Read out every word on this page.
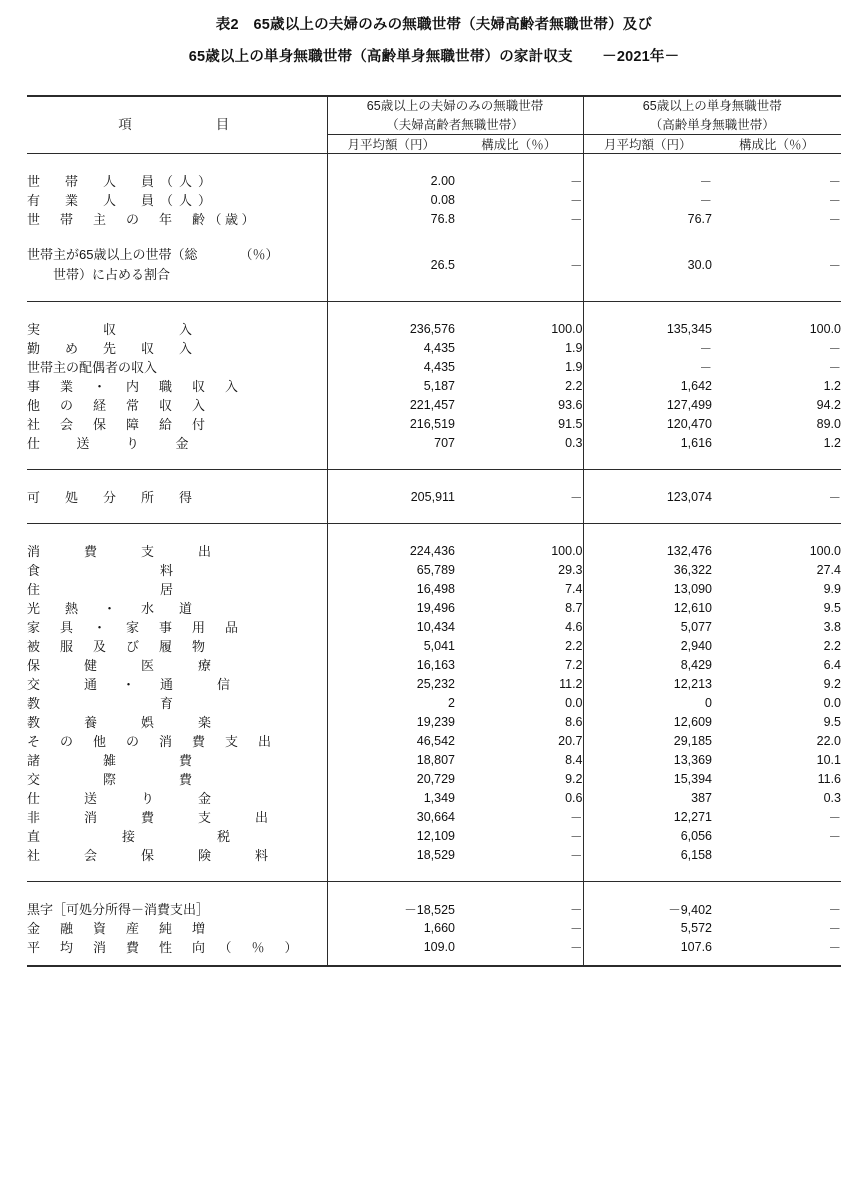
表2　65歳以上の夫婦のみの無職世帯（夫婦高齢者無職世帯）及び
65歳以上の単身無職世帯（高齢単身無職世帯）の家計収支　　－2021年－
項　　　　目	
65歳以上の夫婦のみの無職世帯
（夫婦高齢者無職世帯）

65歳以上の単身無職世帯
（高齢単身無職世帯）

	月平均額（円）	構成比（％）	月平均額（円）	構成比（％）

世　帯　人　員（人）	2.00	－	－	－
有　業　人　員（人）	0.08	－	－	－
世　帯　主　の　年　齢（歳）	76.8	－	76.7	－

世帯主が65歳以上の世帯（総 （％）
世帯）に占める割合	26.5	－	30.0	－

実　　　収　　　入	236,576	100.0	135,345	100.0
勤　め　先　収　入	4,435	1.9	－	－
世帯主の配偶者の収入	4,435	1.9	－	－
事　業　・　内　職　収　入	5,187	2.2	1,642	1.2
他　の　経　常　収　入	221,457	93.6	127,499	94.2
社　会　保　障　給　付	216,519	91.5	120,470	89.0
仕　　送　　り　　金	707	0.3	1,616	1.2

可　処　分　所　得	205,911	－	123,074	－

消　　費　　支　　出	224,436	100.0	132,476	100.0
食　　　　　　料	65,789	29.3	36,322	27.4
住　　　　　　居	16,498	7.4	13,090	9.9
光　熱　・　水　道	19,496	8.7	12,610	9.5
家　具　・　家　事　用　品	10,434	4.6	5,077	3.8
被　服　及　び　履　物	5,041	2.2	2,940	2.2
保　　健　　医　　療	16,163	7.2	8,429	6.4
交　　通　・　通　　信	25,232	11.2	12,213	9.2
教　　　　　　育	2	0.0	0	0.0
教　　養　　娯　　楽	19,239	8.6	12,609	9.5
そ　の　他　の　消　費　支　出	46,542	20.7	29,185	22.0
諸　　　雑　　　費	18,807	8.4	13,369	10.1
交　　　際　　　費	20,729	9.2	15,394	11.6
仕　　送　　り　　金	1,349	0.6	387	0.3
非　　消　　費　　支　　出	30,664	－	12,271	－
直　　　　接　　　　税	12,109	－	6,056	－
社　　会　　保　　険　　料	18,529	－	6,158	

黒字［可処分所得－消費支出］	－18,525	－	－9,402	－
金　融　資　産　純　増	1,660	－	5,572	－
平　均　消　費　性　向　（　％　）	109.0	－	107.6	－
